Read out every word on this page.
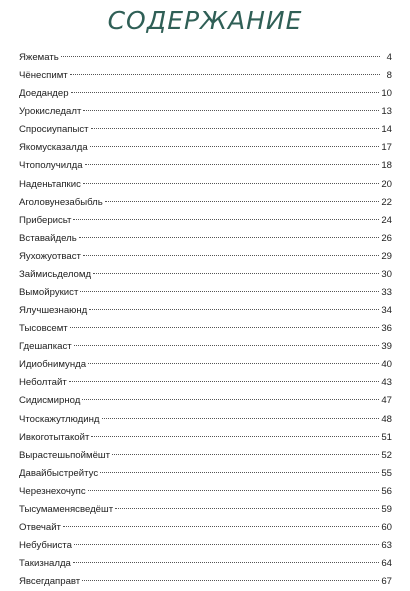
СОДЕРЖАНИЕ
Яжемать	4
Чёнеспимт	8
Доедандер	10
Урокиследалт	13
Спросиупапыст	14
Якомусказалда	17
Чтополучилда	18
Наденьтапкис	20
Аголовунезабыбль	22
Приберисьт	24
Вставайдель	26
Яухожуотваст	29
Займисьделомд	30
Вымойрукист	33
Ялучшезнаюнд	34
Тысовсемт	36
Гдешапкаст	39
Идиобнимунда	40
Неболтайт	43
Сидисмирнод	47
Чтоскажутлюдинд	48
Ивкоготытакойт	51
Вырастешьпоймёшт	52
Давайбыстрейтус	55
Черезнехочупс	56
Тысумаменясведёшт	59
Отвечайт	60
Небубниста	63
Такизналда	64
Явсегдаправт	67
